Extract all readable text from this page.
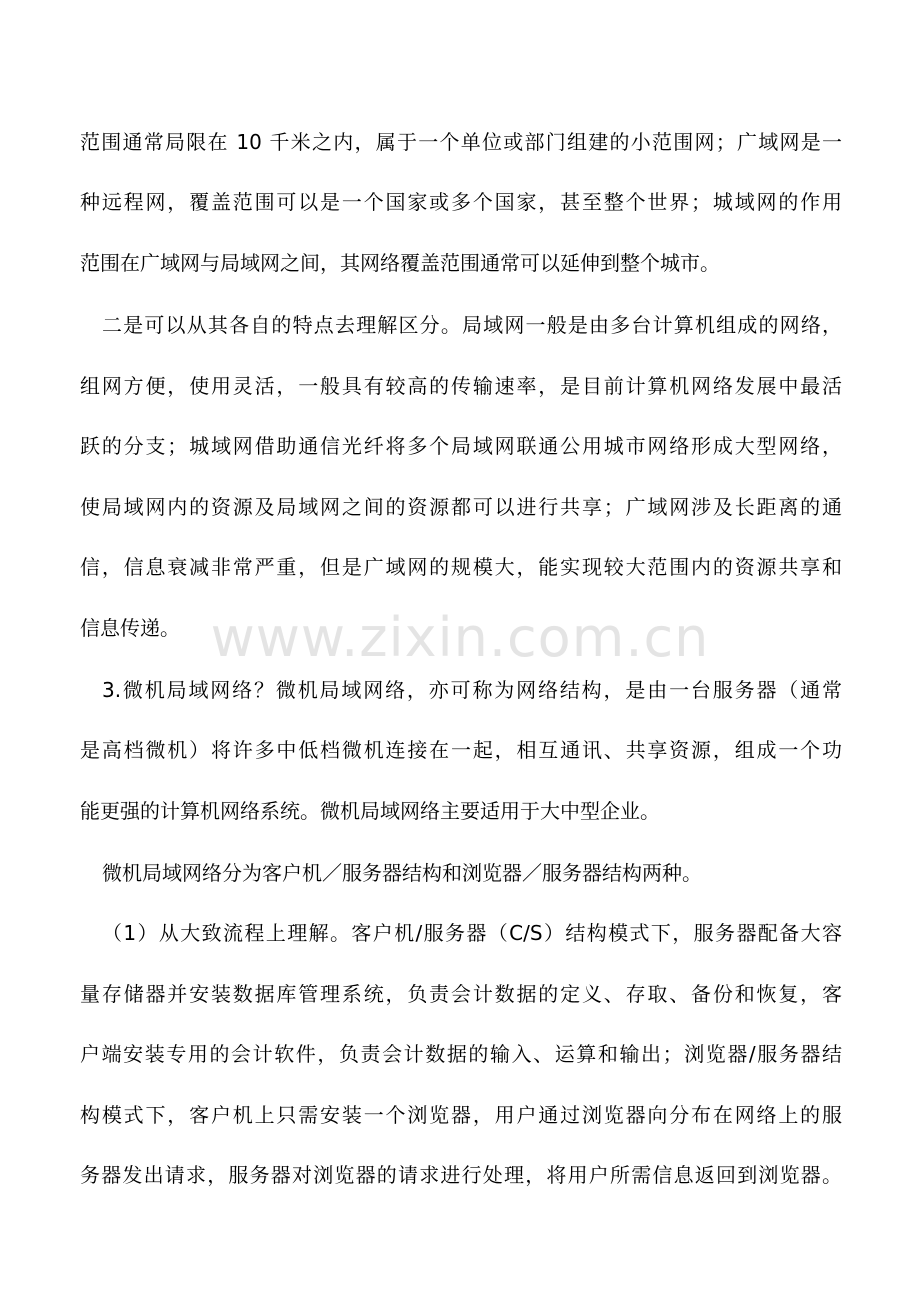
www.zixin.com.cn
范围通常局限在 10 千米之内，属于一个单位或部门组建的小范围网；广域网是一
种远程网，覆盖范围可以是一个国家或多个国家，甚至整个世界；城域网的作用
范围在广域网与局域网之间，其网络覆盖范围通常可以延伸到整个城市。
二是可以从其各自的特点去理解区分。局域网一般是由多台计算机组成的网络，
组网方便，使用灵活，一般具有较高的传输速率，是目前计算机网络发展中最活
跃的分支；城域网借助通信光纤将多个局域网联通公用城市网络形成大型网络，
使局域网内的资源及局域网之间的资源都可以进行共享；广域网涉及长距离的通
信，信息衰减非常严重，但是广域网的规模大，能实现较大范围内的资源共享和
信息传递。
3.微机局域网络？微机局域网络，亦可称为网络结构，是由一台服务器（通常
是高档微机）将许多中低档微机连接在一起，相互通讯、共享资源，组成一个功
能更强的计算机网络系统。微机局域网络主要适用于大中型企业。
微机局域网络分为客户机／服务器结构和浏览器／服务器结构两种。
（1）从大致流程上理解。客户机/服务器（C/S）结构模式下，服务器配备大容
量存储器并安装数据库管理系统，负责会计数据的定义、存取、备份和恢复，客
户端安装专用的会计软件，负责会计数据的输入、运算和输出；浏览器/服务器结
构模式下，客户机上只需安装一个浏览器，用户通过浏览器向分布在网络上的服
务器发出请求，服务器对浏览器的请求进行处理，将用户所需信息返回到浏览器。
